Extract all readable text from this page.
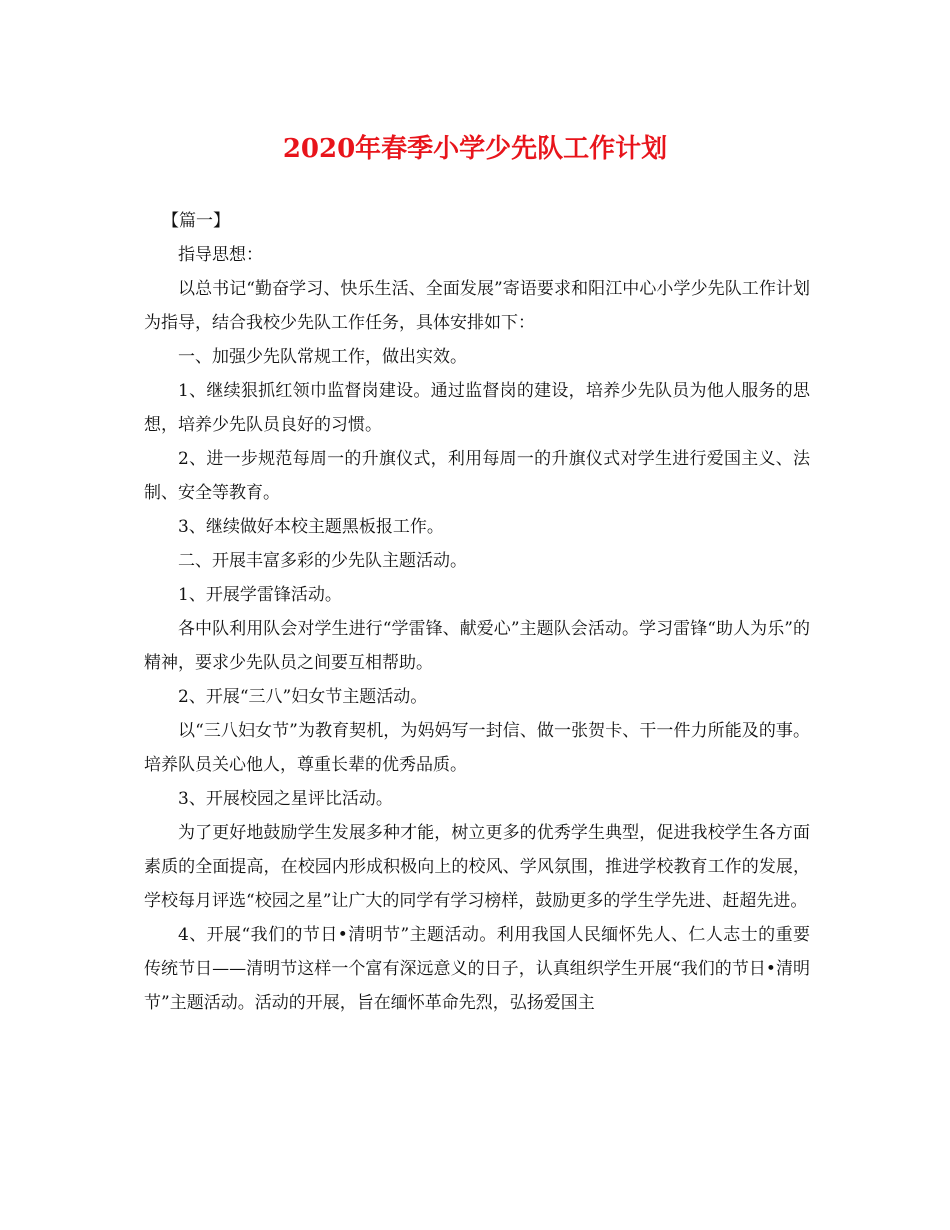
2020年春季小学少先队工作计划

【篇一】

指导思想：

以总书记“勤奋学习、快乐生活、全面发展”寄语要求和阳江中心小学少先队工作计划为指导，结合我校少先队工作任务，具体安排如下：

一、加强少先队常规工作，做出实效。

1、继续狠抓红领巾监督岗建设。通过监督岗的建设，培养少先队员为他人服务的思想，培养少先队员良好的习惯。

2、进一步规范每周一的升旗仪式，利用每周一的升旗仪式对学生进行爱国主义、法制、安全等教育。

3、继续做好本校主题黑板报工作。

二、开展丰富多彩的少先队主题活动。

1、开展学雷锋活动。

各中队利用队会对学生进行“学雷锋、献爱心”主题队会活动。学习雷锋“助人为乐”的精神，要求少先队员之间要互相帮助。

2、开展“三八”妇女节主题活动。

以“三八妇女节”为教育契机，为妈妈写一封信、做一张贺卡、干一件力所能及的事。培养队员关心他人，尊重长辈的优秀品质。

3、开展校园之星评比活动。

为了更好地鼓励学生发展多种才能，树立更多的优秀学生典型，促进我校学生各方面素质的全面提高，在校园内形成积极向上的校风、学风氛围，推进学校教育工作的发展，学校每月评选“校园之星”让广大的同学有学习榜样，鼓励更多的学生学先进、赶超先进。

4、开展“我们的节日•清明节”主题活动。利用我国人民缅怀先人、仁人志士的重要传统节日——清明节这样一个富有深远意义的日子，认真组织学生开展“我们的节日•清明节”主题活动。活动的开展，旨在缅怀革命先烈，弘扬爱国主
